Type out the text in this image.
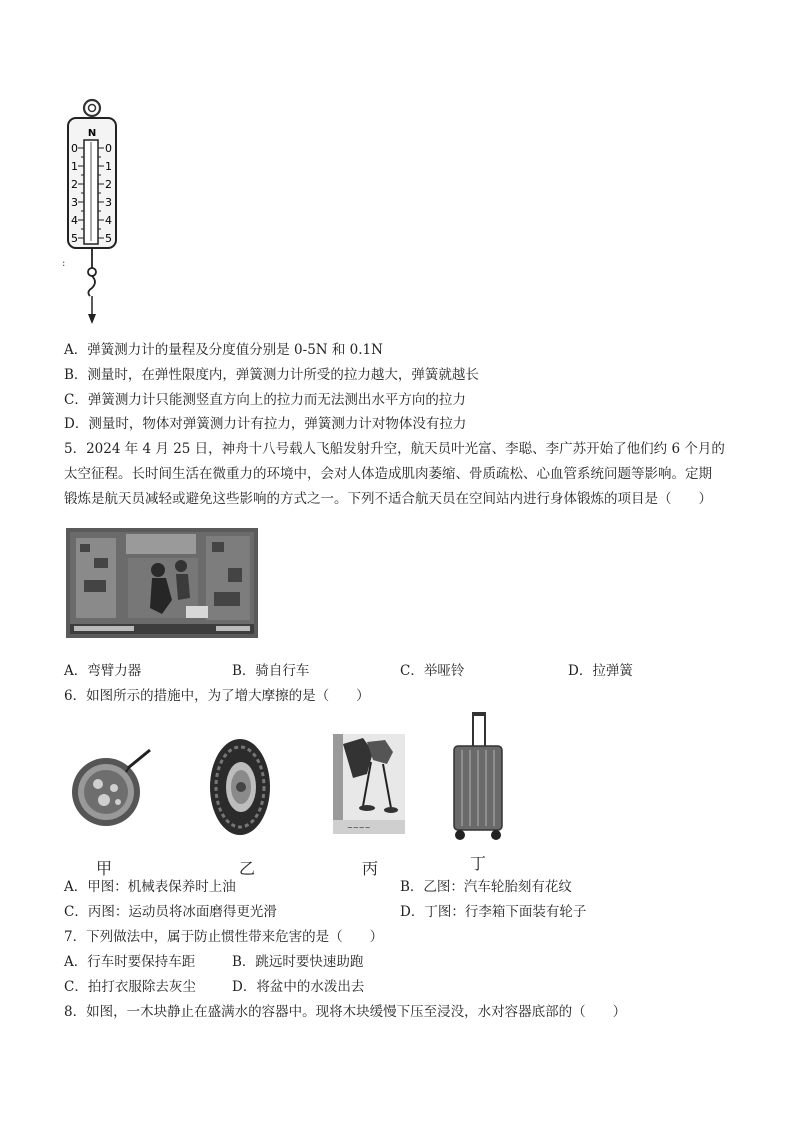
N
0
1
2
3
4
5
0
1
2
3
4
5
:
A．弹簧测力计的量程及分度值分别是 0-5N 和 0.1N
B．测量时，在弹性限度内，弹簧测力计所受的拉力越大，弹簧就越长
C．弹簧测力计只能测竖直方向上的拉力而无法测出水平方向的拉力
D．测量时，物体对弹簧测力计有拉力，弹簧测力计对物体没有拉力
5．2024 年 4 月 25 日，神舟十八号载人飞船发射升空，航天员叶光富、李聪、李广苏开始了他们约 6 个月的
太空征程。长时间生活在微重力的环境中，会对人体造成肌肉萎缩、骨质疏松、心血管系统问题等影响。定期
锻炼是航天员减轻或避免这些影响的方式之一。下列不适合航天员在空间站内进行身体锻炼的项目是（　　）
A．弯臂力器	B．骑自行车	C．举哑铃	D．拉弹簧
6．如图所示的措施中，为了增大摩擦的是（　　）
~~~~
甲	乙	丙	丁
A．甲图：机械表保养时上油	B．乙图：汽车轮胎刻有花纹
C．丙图：运动员将冰面磨得更光滑	D．丁图：行李箱下面装有轮子
7．下列做法中，属于防止惯性带来危害的是（　　）
A．行车时要保持车距	B．跳远时要快速助跑
C．拍打衣服除去灰尘	D．将盆中的水泼出去
8．如图，一木块静止在盛满水的容器中。现将木块缓慢下压至浸没，水对容器底部的（　　）
